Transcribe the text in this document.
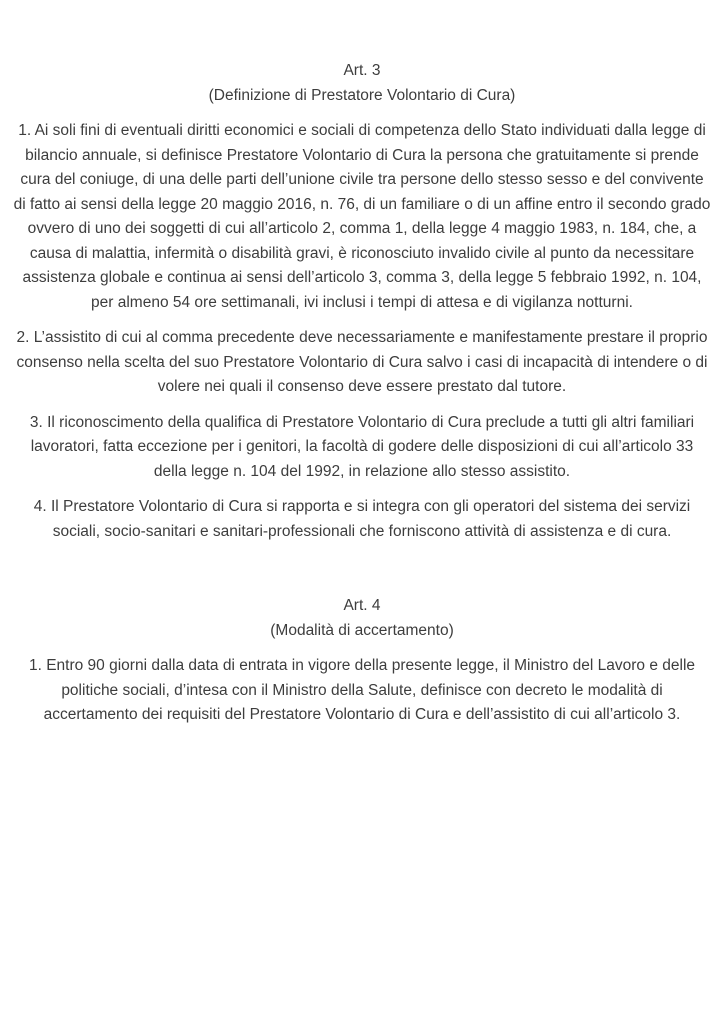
Art. 3

(Definizione di Prestatore Volontario di Cura)

1. Ai soli fini di eventuali diritti economici e sociali di competenza dello Stato individuati dalla legge di bilancio annuale, si definisce Prestatore Volontario di Cura la persona che gratuitamente si prende cura del coniuge, di una delle parti dell’unione civile tra persone dello stesso sesso e del convivente di fatto ai sensi della legge 20 maggio 2016, n. 76, di un familiare o di un affine entro il secondo grado ovvero di uno dei soggetti di cui all’articolo 2, comma 1, della legge 4 maggio 1983, n. 184, che, a causa di malattia, infermità o disabilità gravi, è riconosciuto invalido civile al punto da necessitare assistenza globale e continua ai sensi dell’articolo 3, comma 3, della legge 5 febbraio 1992, n. 104, per almeno 54 ore settimanali, ivi inclusi i tempi di attesa e di vigilanza notturni.

2. L’assistito di cui al comma precedente deve necessariamente e manifestamente prestare il proprio consenso nella scelta del suo Prestatore Volontario di Cura salvo i casi di incapacità di intendere o di volere nei quali il consenso deve essere prestato dal tutore.

3. Il riconoscimento della qualifica di Prestatore Volontario di Cura preclude a tutti gli altri familiari lavoratori, fatta eccezione per i genitori, la facoltà di godere delle disposizioni di cui all’articolo 33 della legge n. 104 del 1992, in relazione allo stesso assistito.

4. Il Prestatore Volontario di Cura si rapporta e si integra con gli operatori del sistema dei servizi sociali, socio-sanitari e sanitari-professionali che forniscono attività di assistenza e di cura.

Art. 4

(Modalità di accertamento)

1. Entro 90 giorni dalla data di entrata in vigore della presente legge, il Ministro del Lavoro e delle politiche sociali, d’intesa con il Ministro della Salute, definisce con decreto le modalità di accertamento dei requisiti del Prestatore Volontario di Cura e dell’assistito di cui all’articolo 3.
